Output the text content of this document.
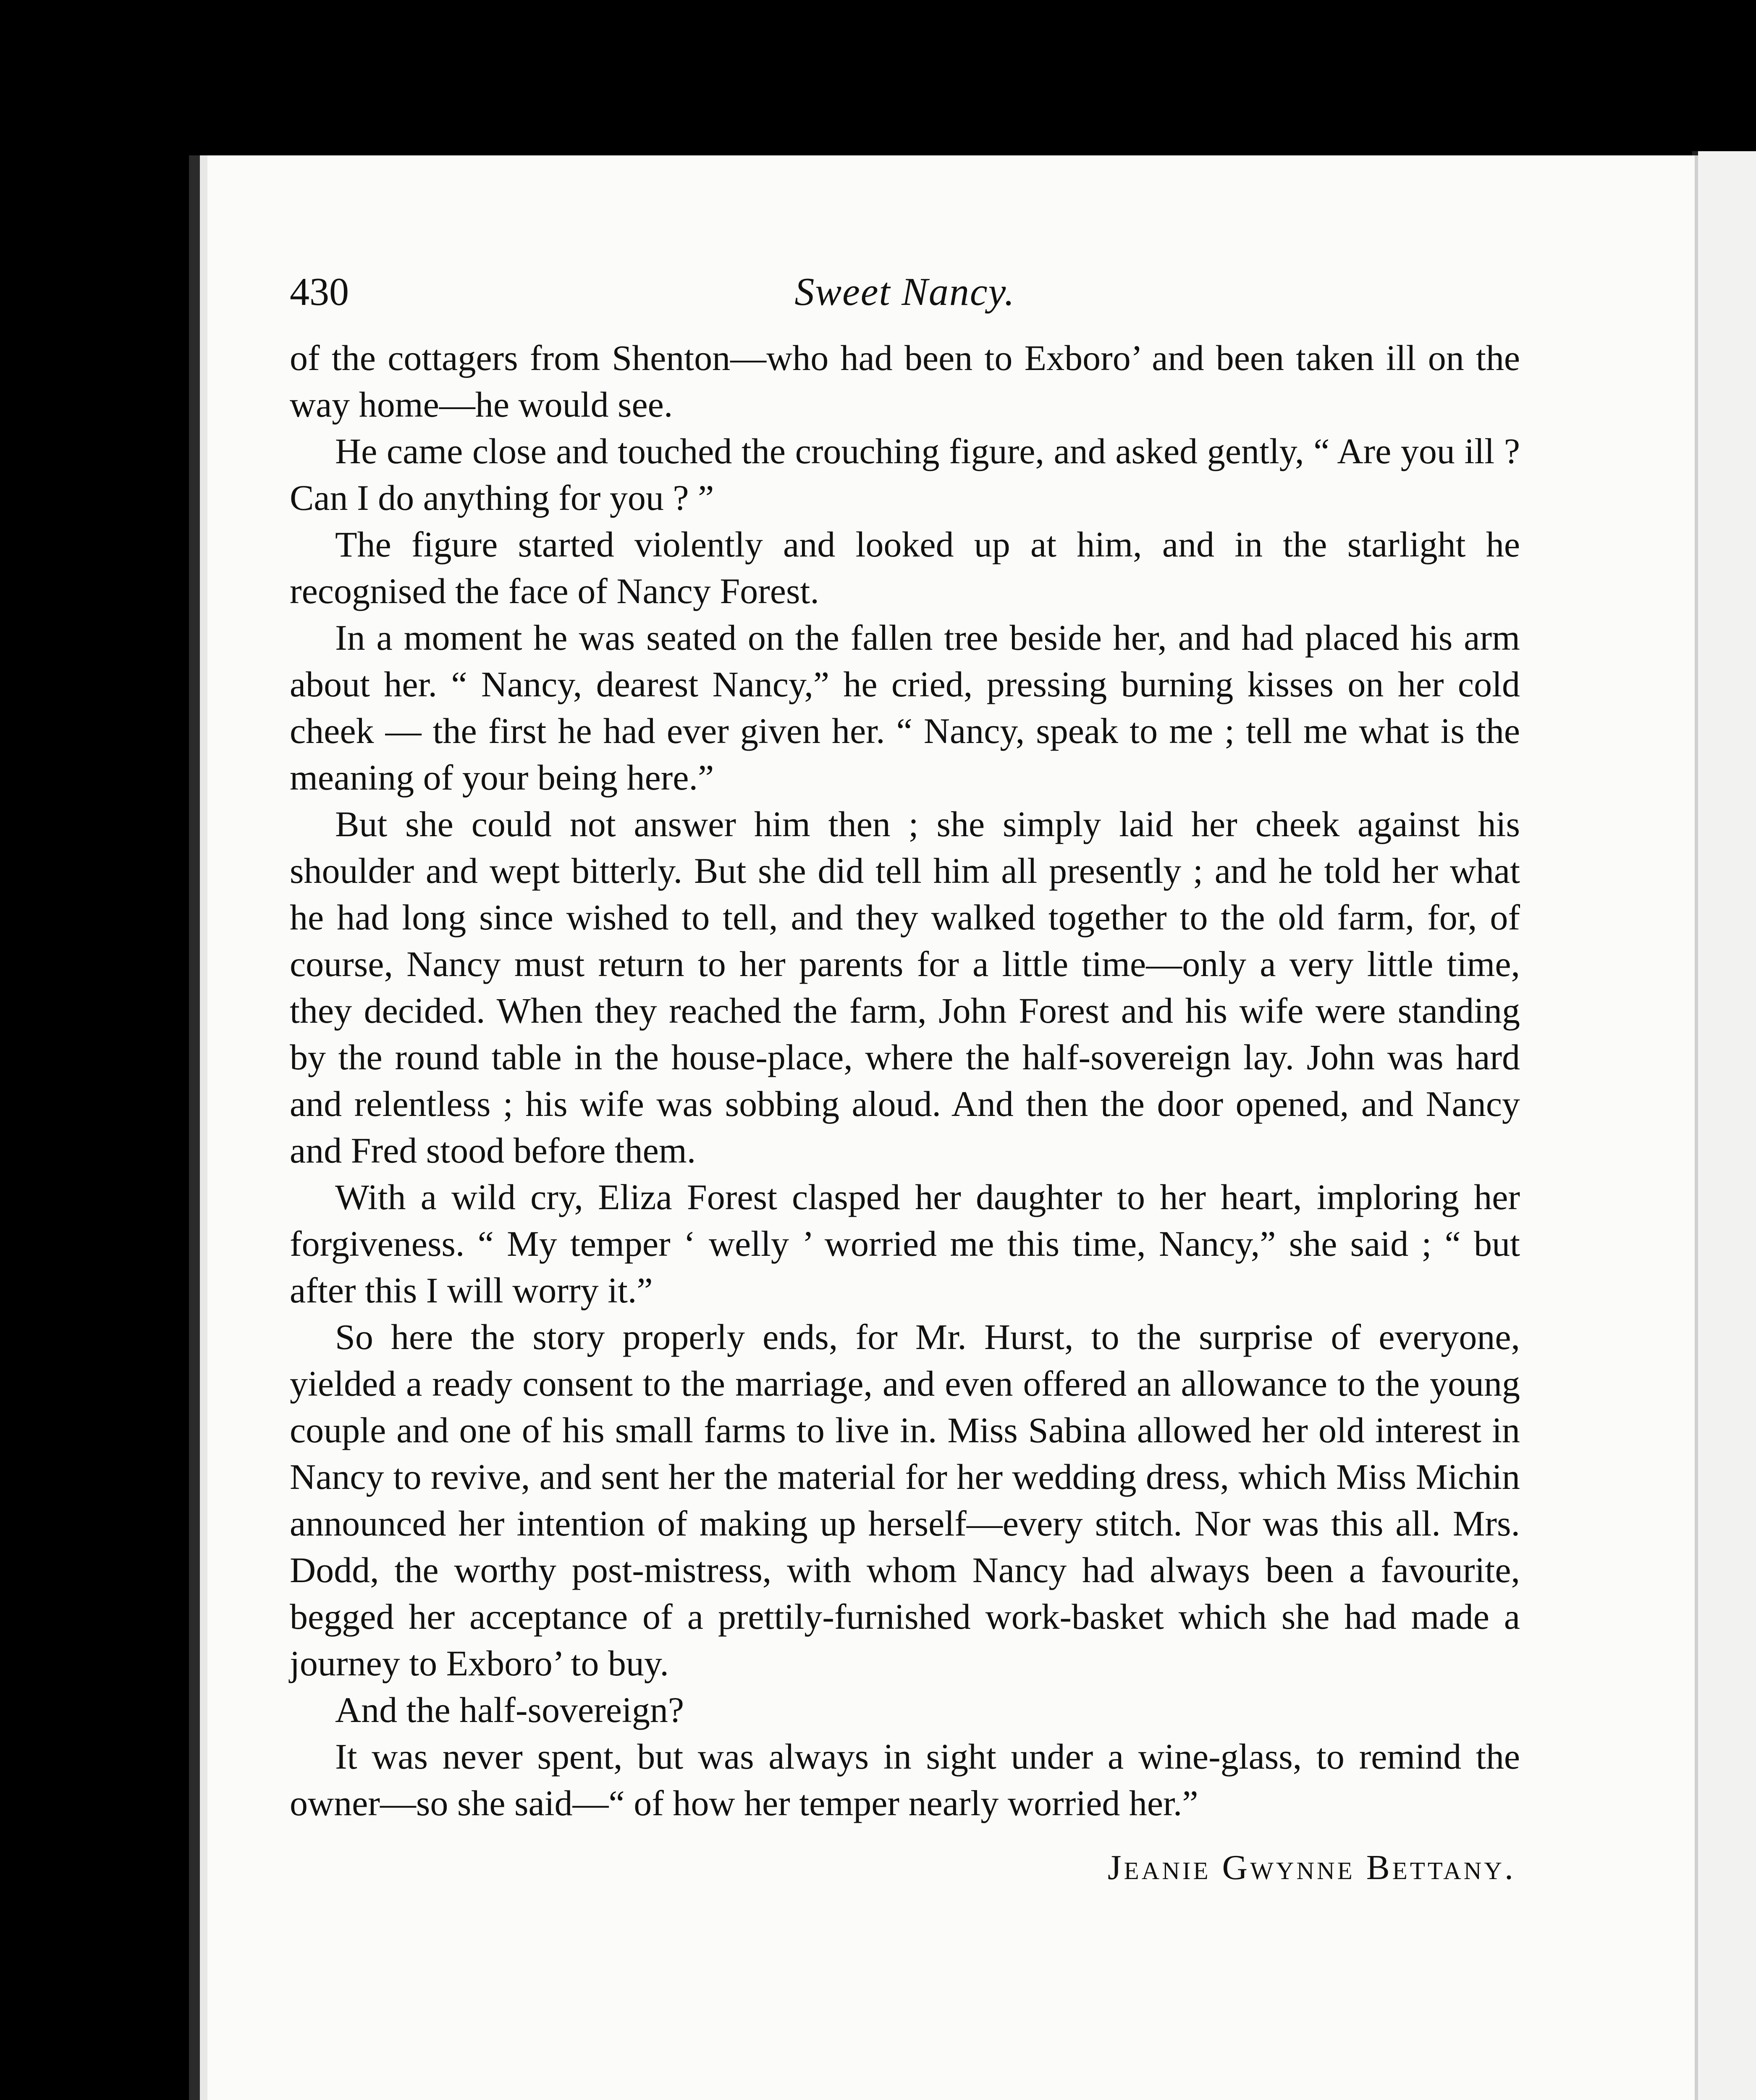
430	Sweet Nancy.

of the cottagers from Shenton—who had been to Exboro’ and been taken ill on the way home—he would see.

He came close and touched the crouching figure, and asked gently, “ Are you ill ? Can I do anything for you ? ”

The figure started violently and looked up at him, and in the starlight he recognised the face of Nancy Forest.

In a moment he was seated on the fallen tree beside her, and had placed his arm about her. “ Nancy, dearest Nancy,” he cried, pressing burning kisses on her cold cheek — the first he had ever given her. “ Nancy, speak to me ; tell me what is the meaning of your being here.”

But she could not answer him then ; she simply laid her cheek against his shoulder and wept bitterly. But she did tell him all presently ; and he told her what he had long since wished to tell, and they walked together to the old farm, for, of course, Nancy must return to her parents for a little time—only a very little time, they decided. When they reached the farm, John Forest and his wife were standing by the round table in the house-place, where the half-sovereign lay. John was hard and relentless ; his wife was sobbing aloud. And then the door opened, and Nancy and Fred stood before them.

With a wild cry, Eliza Forest clasped her daughter to her heart, imploring her forgiveness. “ My temper ‘ welly ’ worried me this time, Nancy,” she said ; “ but after this I will worry it.”

So here the story properly ends, for Mr. Hurst, to the surprise of everyone, yielded a ready consent to the marriage, and even offered an allowance to the young couple and one of his small farms to live in. Miss Sabina allowed her old interest in Nancy to revive, and sent her the material for her wedding dress, which Miss Michin announced her intention of making up herself—every stitch. Nor was this all. Mrs. Dodd, the worthy post-mistress, with whom Nancy had always been a favourite, begged her acceptance of a prettily-furnished work-basket which she had made a journey to Exboro’ to buy.

And the half-sovereign?

It was never spent, but was always in sight under a wine-glass, to remind the owner—so she said—“ of how her temper nearly worried her.”

Jeanie Gwynne Bettany.
